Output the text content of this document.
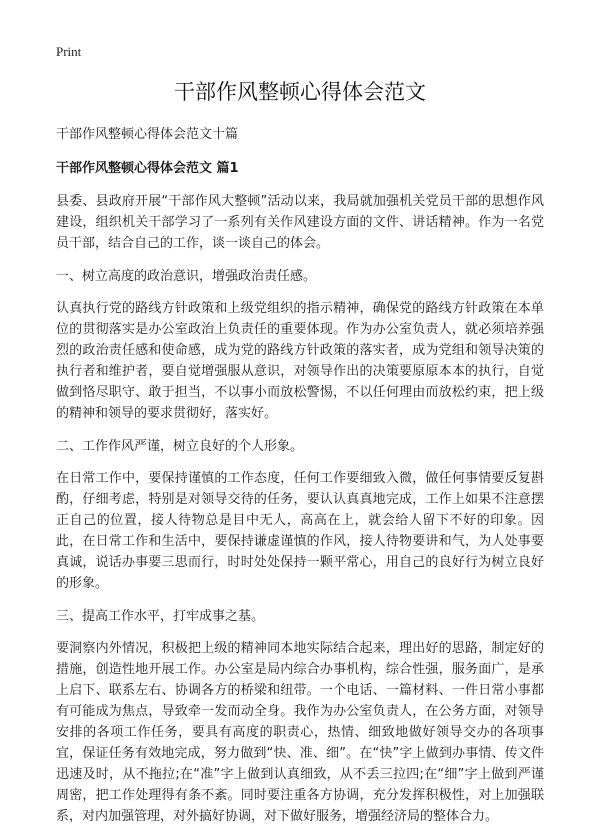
Print
干部作风整顿心得体会范文

干部作风整顿心得体会范文十篇

干部作风整顿心得体会范文 篇1

县委、县政府开展“干部作风大整顿”活动以来，我局就加强机关党员干部的思想作风建设，组织机关干部学习了一系列有关作风建设方面的文件、讲话精神。作为一名党员干部，结合自己的工作，谈一谈自己的体会。

一、树立高度的政治意识，增强政治责任感。

认真执行党的路线方针政策和上级党组织的指示精神，确保党的路线方针政策在本单位的贯彻落实是办公室政治上负责任的重要体现。作为办公室负责人，就必须培养强烈的政治责任感和使命感，成为党的路线方针政策的落实者，成为党组和领导决策的执行者和维护者，要自觉增强服从意识，对领导作出的决策要原原本本的执行，自觉做到恪尽职守、敢于担当，不以事小而放松警惕，不以任何理由而放松约束，把上级的精神和领导的要求贯彻好，落实好。

二、工作作风严谨，树立良好的个人形象。

在日常工作中，要保持谨慎的工作态度，任何工作要细致入微，做任何事情要反复斟酌，仔细考虑，特别是对领导交待的任务，要认认真真地完成，工作上如果不注意摆正自己的位置，接人待物总是目中无人，高高在上，就会给人留下不好的印象。因此，在日常工作和生活中，要保持谦虚谨慎的作风，接人待物要讲和气，为人处事要真诚，说话办事要三思而行，时时处处保持一颗平常心，用自己的良好行为树立良好的形象。

三、提高工作水平，打牢成事之基。

要洞察内外情况，积极把上级的精神同本地实际结合起来，理出好的思路，制定好的措施，创造性地开展工作。办公室是局内综合办事机构，综合性强，服务面广，是承上启下、联系左右、协调各方的桥梁和纽带。一个电话、一篇材料、一件日常小事都有可能成为焦点，导致牵一发而动全身。我作为办公室负责人，在公务方面，对领导安排的各项工作任务，要具有高度的职责心，热情、细致地做好领导交办的各项事宜，保证任务有效地完成，努力做到“快、准、细”。在“快”字上做到办事情、传文件迅速及时，从不拖拉;在“准”字上做到认真细致，从不丢三拉四;在“细”字上做到严谨周密，把工作处理得有条不紊。同时要注重各方协调，充分发挥积极性，对上加强联系，对内加强管理，对外搞好协调，对下做好服务，增强经济局的整体合力。
